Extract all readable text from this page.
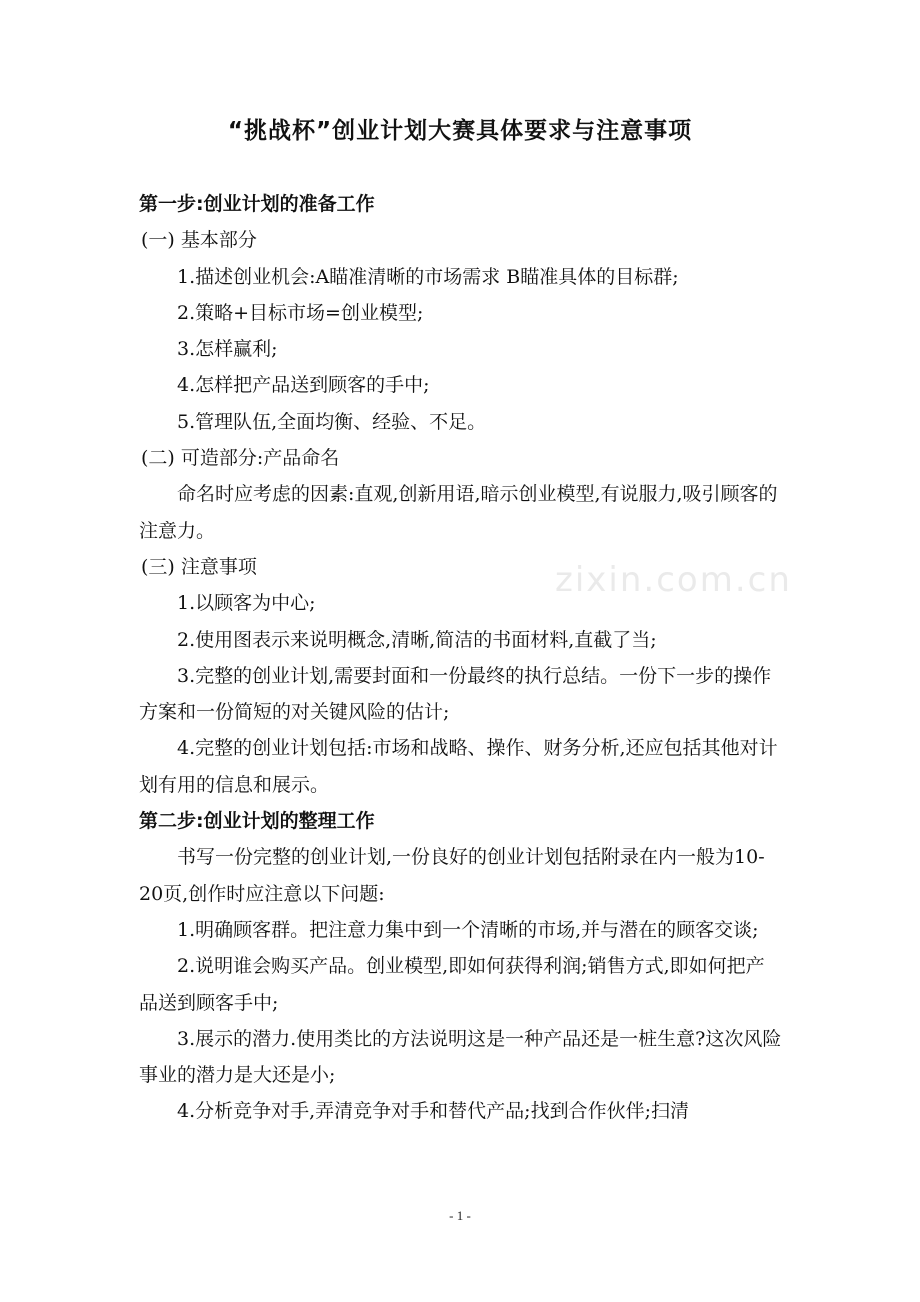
“挑战杯”创业计划大赛具体要求与注意事项

第一步:创业计划的准备工作

(一) 基本部分

1.描述创业机会:A瞄准清晰的市场需求 B瞄准具体的目标群;

2.策略+目标市场=创业模型;

3.怎样赢利;

4.怎样把产品送到顾客的手中;

5.管理队伍,全面均衡、经验、不足。

(二) 可造部分:产品命名

命名时应考虑的因素:直观,创新用语,暗示创业模型,有说服力,吸引顾客的注意力。

(三) 注意事项

1.以顾客为中心;

2.使用图表示来说明概念,清晰,简洁的书面材料,直截了当;

3.完整的创业计划,需要封面和一份最终的执行总结。一份下一步的操作方案和一份简短的对关键风险的估计;

4.完整的创业计划包括:市场和战略、操作、财务分析,还应包括其他对计划有用的信息和展示。

第二步:创业计划的整理工作

书写一份完整的创业计划,一份良好的创业计划包括附录在内一般为10-20页,创作时应注意以下问题:

1.明确顾客群。把注意力集中到一个清晰的市场,并与潜在的顾客交谈;

2.说明谁会购买产品。创业模型,即如何获得利润;销售方式,即如何把产品送到顾客手中;

3.展示的潜力.使用类比的方法说明这是一种产品还是一桩生意?这次风险事业的潜力是大还是小;

4.分析竞争对手,弄清竞争对手和替代产品;找到合作伙伴;扫清

zixin.com.cn
- 1 -
